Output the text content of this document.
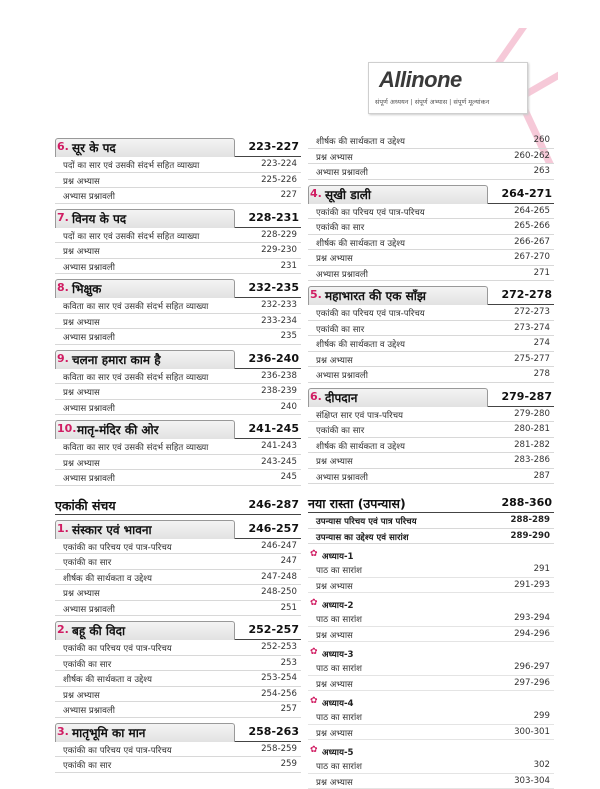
Allinone
संपूर्ण अध्ययन | संपूर्ण अभ्यास | संपूर्ण मूल्यांकन
6. सूर के पद	223-227
पदों का सार एवं उसकी संदर्भ सहित व्याख्या	223-224
प्रश्न अभ्यास	225-226
अभ्यास प्रश्नावली	227
7. विनय के पद	228-231
पदों का सार एवं उसकी संदर्भ सहित व्याख्या	228-229
प्रश्न अभ्यास	229-230
अभ्यास प्रश्नावली	231
8. भिक्षुक	232-235
कविता का सार एवं उसकी संदर्भ सहित व्याख्या	232-233
प्रश्न अभ्यास	233-234
अभ्यास प्रश्नावली	235
9. चलना हमारा काम है	236-240
कविता का सार एवं उसकी संदर्भ सहित व्याख्या	236-238
प्रश्न अभ्यास	238-239
अभ्यास प्रश्नावली	240
10. मातृ-मंदिर की ओर	241-245
कविता का सार एवं उसकी संदर्भ सहित व्याख्या	241-243
प्रश्न अभ्यास	243-245
अभ्यास प्रश्नावली	245
एकांकी संचय	246-287
1. संस्कार एवं भावना	246-257
एकांकी का परिचय एवं पात्र-परिचय	246-247
एकांकी का सार	247
शीर्षक की सार्थकता व उद्देश्य	247-248
प्रश्न अभ्यास	248-250
अभ्यास प्रश्नावली	251
2. बहू की विदा	252-257
एकांकी का परिचय एवं पात्र-परिचय	252-253
एकांकी का सार	253
शीर्षक की सार्थकता व उद्देश्य	253-254
प्रश्न अभ्यास	254-256
अभ्यास प्रश्नावली	257
3. मातृभूमि का मान	258-263
एकांकी का परिचय एवं पात्र-परिचय	258-259
एकांकी का सार	259
शीर्षक की सार्थकता व उद्देश्य	260
प्रश्न अभ्यास	260-262
अभ्यास प्रश्नावली	263
4. सूखी डाली	264-271
एकांकी का परिचय एवं पात्र-परिचय	264-265
एकांकी का सार	265-266
शीर्षक की सार्थकता व उद्देश्य	266-267
प्रश्न अभ्यास	267-270
अभ्यास प्रश्नावली	271
5. महाभारत की एक साँझ	272-278
एकांकी का परिचय एवं पात्र-परिचय	272-273
एकांकी का सार	273-274
शीर्षक की सार्थकता व उद्देश्य	274
प्रश्न अभ्यास	275-277
अभ्यास प्रश्नावली	278
6. दीपदान	279-287
संक्षिप्त सार एवं पात्र-परिचय	279-280
एकांकी का सार	280-281
शीर्षक की सार्थकता व उद्देश्य	281-282
प्रश्न अभ्यास	283-286
अभ्यास प्रश्नावली	287
नया रास्ता (उपन्यास)	288-360
उपन्यास परिचय एवं पात्र परिचय	288-289
उपन्यास का उद्देश्य एवं सारांश	289-290
✿ अध्याय-1
पाठ का सारांश	291
प्रश्न अभ्यास	291-293
✿ अध्याय-2
पाठ का सारांश	293-294
प्रश्न अभ्यास	294-296
✿ अध्याय-3
पाठ का सारांश	296-297
प्रश्न अभ्यास	297-296
✿ अध्याय-4
पाठ का सारांश	299
प्रश्न अभ्यास	300-301
✿ अध्याय-5
पाठ का सारांश	302
प्रश्न अभ्यास	303-304
